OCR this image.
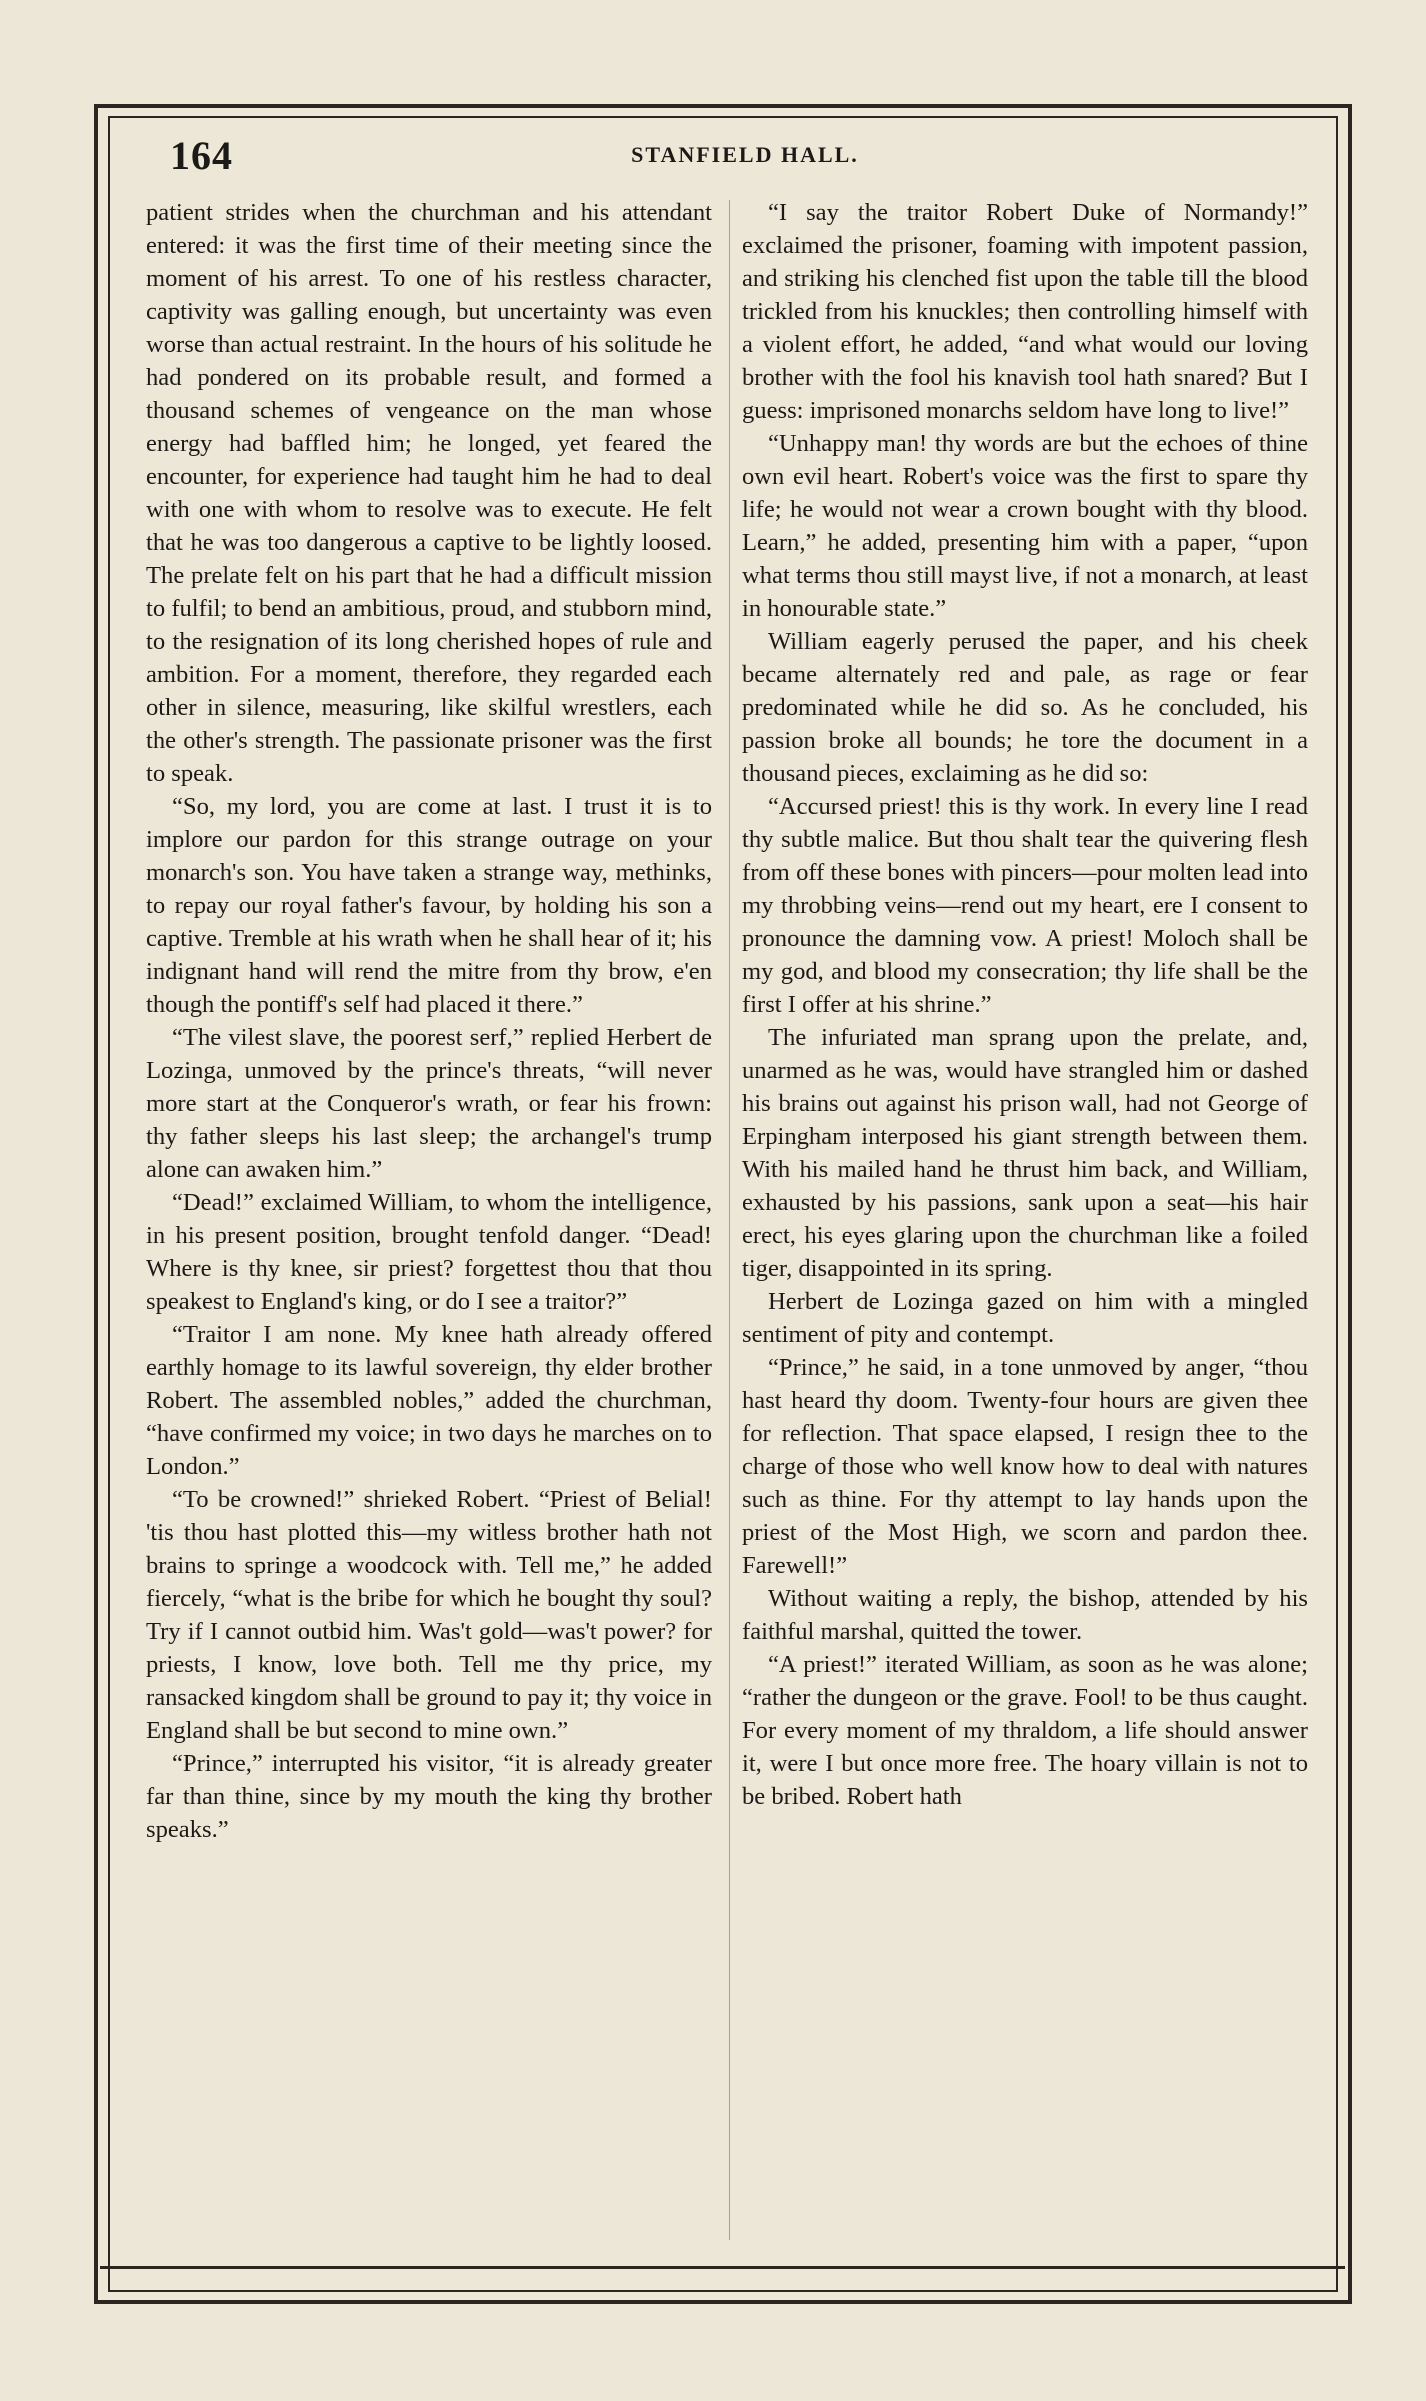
164	STANFIELD HALL.

patient strides when the churchman and his attendant entered: it was the first time of their meeting since the moment of his arrest. To one of his restless character, captivity was galling enough, but uncertainty was even worse than actual restraint. In the hours of his solitude he had pondered on its probable result, and formed a thousand schemes of vengeance on the man whose energy had baffled him; he longed, yet feared the encounter, for experience had taught him he had to deal with one with whom to resolve was to execute. He felt that he was too dangerous a captive to be lightly loosed. The prelate felt on his part that he had a difficult mission to fulfil; to bend an ambitious, proud, and stubborn mind, to the resignation of its long cherished hopes of rule and ambition. For a moment, therefore, they regarded each other in silence, measuring, like skilful wrestlers, each the other's strength. The passionate prisoner was the first to speak.

“So, my lord, you are come at last. I trust it is to implore our pardon for this strange outrage on your monarch's son. You have taken a strange way, methinks, to repay our royal father's favour, by holding his son a captive. Tremble at his wrath when he shall hear of it; his indignant hand will rend the mitre from thy brow, e'en though the pontiff's self had placed it there.”

“The vilest slave, the poorest serf,” replied Herbert de Lozinga, unmoved by the prince's threats, “will never more start at the Conqueror's wrath, or fear his frown: thy father sleeps his last sleep; the archangel's trump alone can awaken him.”

“Dead!” exclaimed William, to whom the intelligence, in his present position, brought tenfold danger. “Dead! Where is thy knee, sir priest? forgettest thou that thou speakest to England's king, or do I see a traitor?”

“Traitor I am none. My knee hath already offered earthly homage to its lawful sovereign, thy elder brother Robert. The assembled nobles,” added the churchman, “have confirmed my voice; in two days he marches on to London.”

“To be crowned!” shrieked Robert. “Priest of Belial! 'tis thou hast plotted this—my witless brother hath not brains to springe a woodcock with. Tell me,” he added fiercely, “what is the bribe for which he bought thy soul? Try if I cannot outbid him. Was't gold—was't power? for priests, I know, love both. Tell me thy price, my ransacked kingdom shall be ground to pay it; thy voice in England shall be but second to mine own.”

“Prince,” interrupted his visitor, “it is already greater far than thine, since by my mouth the king thy brother speaks.”

“I say the traitor Robert Duke of Normandy!” exclaimed the prisoner, foaming with impotent passion, and striking his clenched fist upon the table till the blood trickled from his knuckles; then controlling himself with a violent effort, he added, “and what would our loving brother with the fool his knavish tool hath snared? But I guess: imprisoned monarchs seldom have long to live!”

“Unhappy man! thy words are but the echoes of thine own evil heart. Robert's voice was the first to spare thy life; he would not wear a crown bought with thy blood. Learn,” he added, presenting him with a paper, “upon what terms thou still mayst live, if not a monarch, at least in honourable state.”

William eagerly perused the paper, and his cheek became alternately red and pale, as rage or fear predominated while he did so. As he concluded, his passion broke all bounds; he tore the document in a thousand pieces, exclaiming as he did so:

“Accursed priest! this is thy work. In every line I read thy subtle malice. But thou shalt tear the quivering flesh from off these bones with pincers—pour molten lead into my throbbing veins—rend out my heart, ere I consent to pronounce the damning vow. A priest! Moloch shall be my god, and blood my consecration; thy life shall be the first I offer at his shrine.”

The infuriated man sprang upon the prelate, and, unarmed as he was, would have strangled him or dashed his brains out against his prison wall, had not George of Erpingham interposed his giant strength between them. With his mailed hand he thrust him back, and William, exhausted by his passions, sank upon a seat—his hair erect, his eyes glaring upon the churchman like a foiled tiger, disappointed in its spring.

Herbert de Lozinga gazed on him with a mingled sentiment of pity and contempt.

“Prince,” he said, in a tone unmoved by anger, “thou hast heard thy doom. Twenty-four hours are given thee for reflection. That space elapsed, I resign thee to the charge of those who well know how to deal with natures such as thine. For thy attempt to lay hands upon the priest of the Most High, we scorn and pardon thee. Farewell!”

Without waiting a reply, the bishop, attended by his faithful marshal, quitted the tower.

“A priest!” iterated William, as soon as he was alone; “rather the dungeon or the grave. Fool! to be thus caught. For every moment of my thraldom, a life should answer it, were I but once more free. The hoary villain is not to be bribed. Robert hath
